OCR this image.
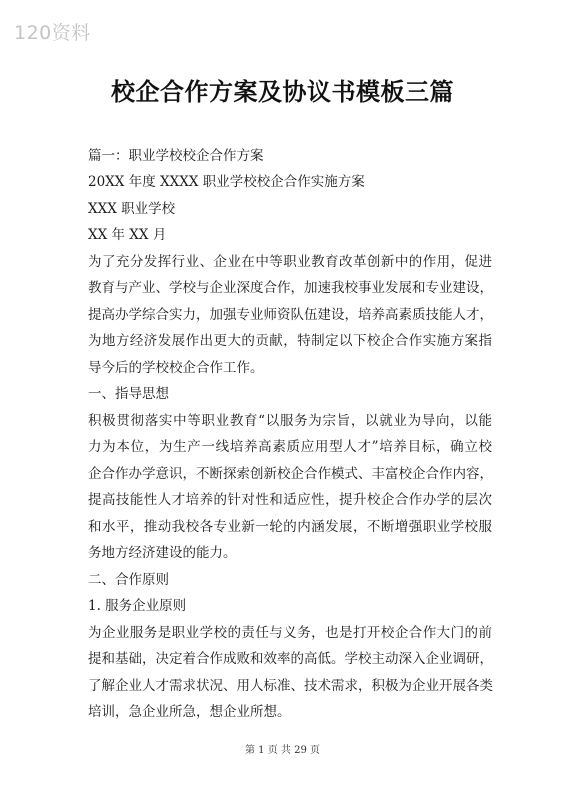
120资料
校企合作方案及协议书模板三篇
篇一：职业学校校企合作方案
20XX 年度 XXXX 职业学校校企合作实施方案
XXX 职业学校
XX 年 XX 月
为了充分发挥行业、企业在中等职业教育改革创新中的作用，促进
教育与产业、学校与企业深度合作，加速我校事业发展和专业建设，
提高办学综合实力，加强专业师资队伍建设，培养高素质技能人才，
为地方经济发展作出更大的贡献，特制定以下校企合作实施方案指
导今后的学校校企合作工作。
一、指导思想
积极贯彻落实中等职业教育“以服务为宗旨，以就业为导向，以能
力为本位，为生产一线培养高素质应用型人才”培养目标，确立校
企合作办学意识，不断探索创新校企合作模式、丰富校企合作内容，
提高技能性人才培养的针对性和适应性，提升校企合作办学的层次
和水平，推动我校各专业新一轮的内涵发展，不断增强职业学校服
务地方经济建设的能力。
二、合作原则
1. 服务企业原则
为企业服务是职业学校的责任与义务，也是打开校企合作大门的前
提和基础，决定着合作成败和效率的高低。学校主动深入企业调研，
了解企业人才需求状况、用人标准、技术需求，积极为企业开展各类
培训，急企业所急，想企业所想。
第 1 页 共 29 页
